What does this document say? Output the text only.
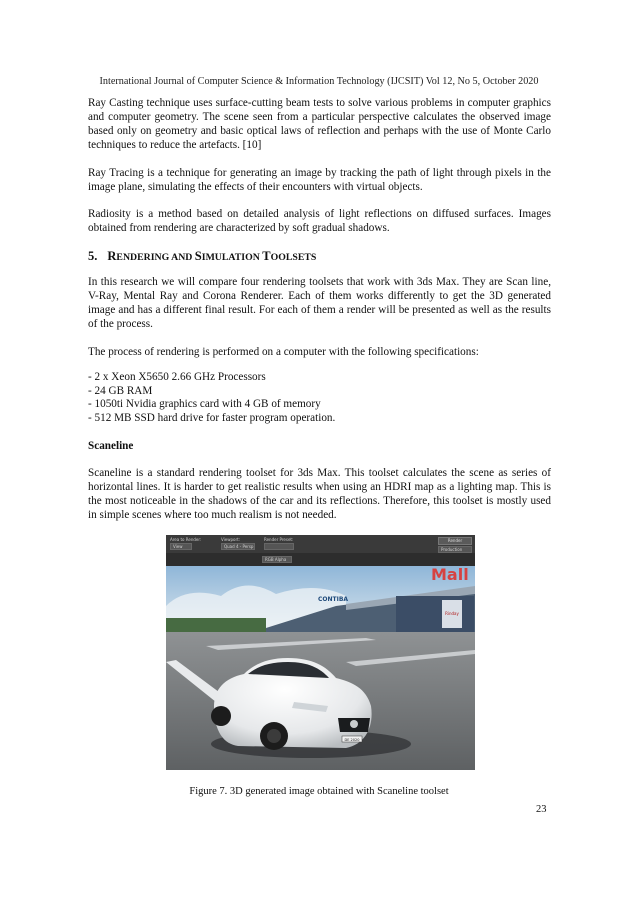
International Journal of Computer Science & Information Technology (IJCSIT) Vol 12, No 5, October 2020

Ray Casting technique uses surface-cutting beam tests to solve various problems in computer graphics and computer geometry. The scene seen from a particular perspective calculates the observed image based only on geometry and basic optical laws of reflection and perhaps with the use of Monte Carlo techniques to reduce the artefacts. [10]

Ray Tracing is a technique for generating an image by tracking the path of light through pixels in the image plane, simulating the effects of their encounters with virtual objects.

Radiosity is a method based on detailed analysis of light reflections on diffused surfaces. Images obtained from rendering are characterized by soft gradual shadows.

5. RENDERING AND SIMULATION TOOLSETS

In this research we will compare four rendering toolsets that work with 3ds Max. They are Scan line, V-Ray, Mental Ray and Corona Renderer. Each of them works differently to get the 3D generated image and has a different final result. For each of them a render will be presented as well as the results of the process.

The process of rendering is performed on a computer with the following specifications:

- 2 x Xeon X5650 2.66 GHz Processors
- 24 GB RAM
- 1050ti Nvidia graphics card with 4 GB of memory
- 512 MB SSD hard drive for faster program operation.

Scaneline

Scaneline is a standard rendering toolset for 3ds Max. This toolset calculates the scene as series of horizontal lines. It is harder to get realistic results when using an HDRI map as a lighting map. This is the most noticeable in the shadows of the car and its reflections. Therefore, this toolset is mostly used in simple scenes where too much realism is not needed.

Area to Render:
View
Viewport:
Quad 4 - Persp
Render Preset:	Render
Production
RGB Alpha
Rinday
CONTIBA
Mall
DE 2020
Figure 7. 3D generated image obtained with Scaneline toolset
23
